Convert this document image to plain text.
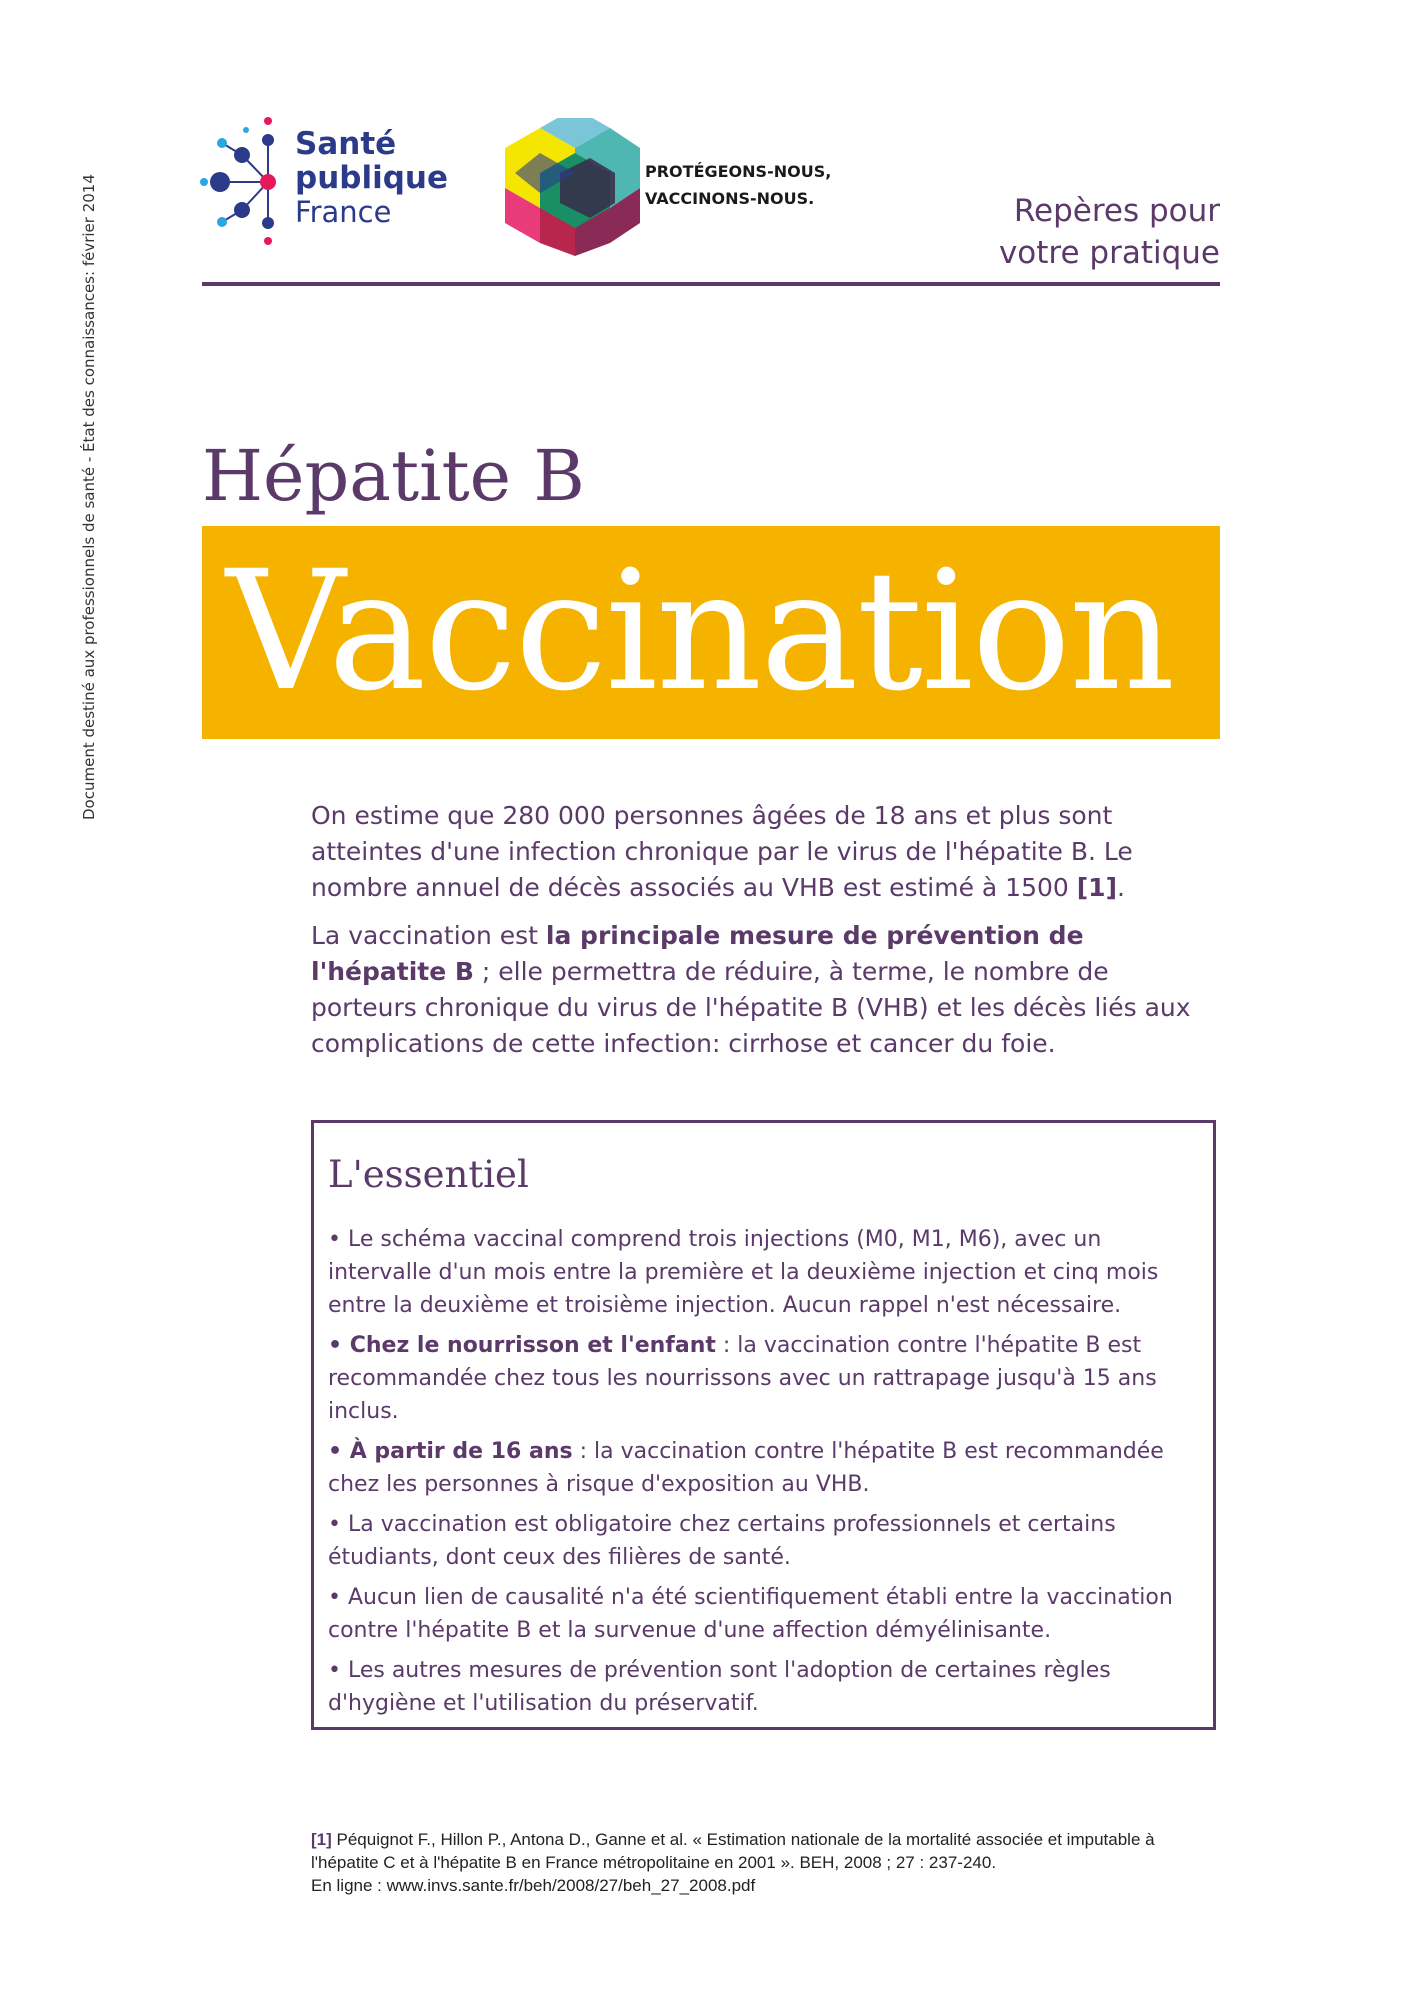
Document destiné aux professionnels de santé - État des connaissances: février 2014
Santé
publique
France
PROTÉGEONS-NOUS,
VACCINONS-NOUS.	Repères pour
votre pratique
Hépatite B
Vaccination

On estime que 280 000 personnes âgées de 18 ans et plus sont atteintes d'une infection chronique par le virus de l'hépatite B. Le nombre annuel de décès associés au VHB est estimé à 1500 [1].

La vaccination est la principale mesure de prévention de l'hépatite B ; elle permettra de réduire, à terme, le nombre de porteurs chronique du virus de l'hépatite B (VHB) et les décès liés aux complications de cette infection: cirrhose et cancer du foie.

L'essentiel
• Le schéma vaccinal comprend trois injections (M0, M1, M6), avec un intervalle d'un mois entre la première et la deuxième injection et cinq mois entre la deuxième et troisième injection. Aucun rappel n'est nécessaire.
• Chez le nourrisson et l'enfant : la vaccination contre l'hépatite B est recommandée chez tous les nourrissons avec un rattrapage jusqu'à 15 ans inclus.
• À partir de 16 ans : la vaccination contre l'hépatite B est recommandée chez les personnes à risque d'exposition au VHB.
• La vaccination est obligatoire chez certains professionnels et certains étudiants, dont ceux des filières de santé.
• Aucun lien de causalité n'a été scientifiquement établi entre la vaccination contre l'hépatite B et la survenue d'une affection démyélinisante.
• Les autres mesures de prévention sont l'adoption de certaines règles d'hygiène et l'utilisation du préservatif.
[1] Péquignot F., Hillon P., Antona D., Ganne et al. « Estimation nationale de la mortalité associée et imputable à l'hépatite C et à l'hépatite B en France métropolitaine en 2001 ». BEH, 2008 ; 27 : 237-240.
En ligne : www.invs.sante.fr/beh/2008/27/beh_27_2008.pdf
